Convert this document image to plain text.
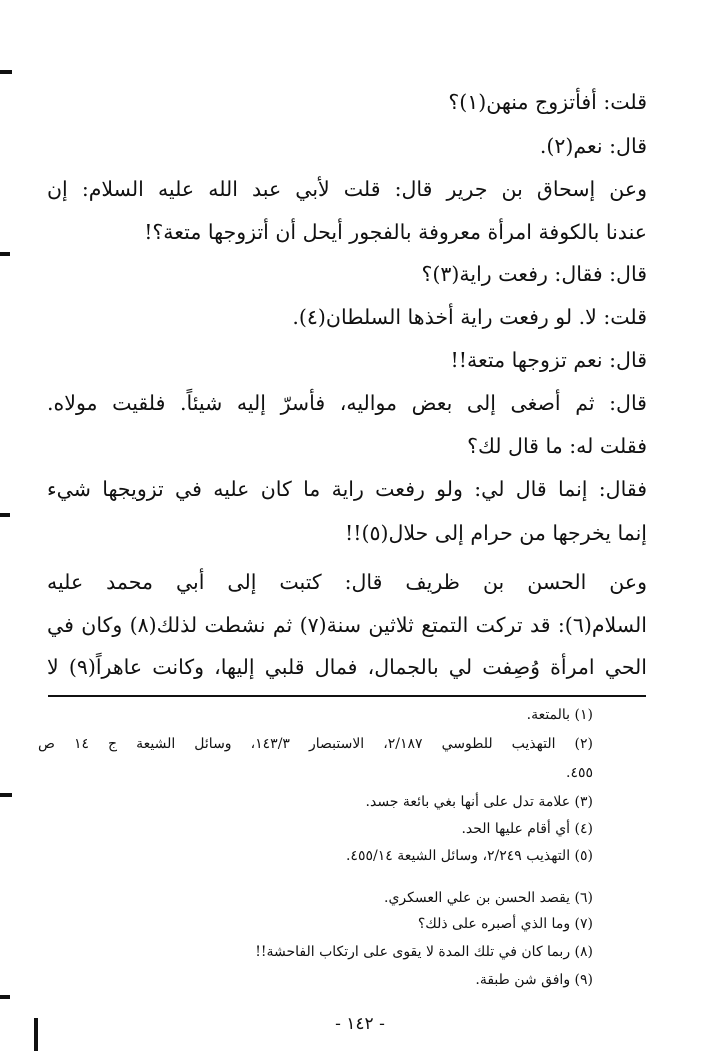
قلت: أفأتزوج منهن(١)؟
قال: نعم(٢).
وعن إسحاق بن جرير قال: قلت لأبي عبد الله عليه السلام: إن
عندنا بالكوفة امرأة معروفة بالفجور أيحل أن أتزوجها متعة؟!
قال: فقال: رفعت راية(٣)؟
قلت: لا. لو رفعت راية أخذها السلطان(٤).
قال: نعم تزوجها متعة!!
قال: ثم أصغى إلى بعض مواليه، فأسرّ إليه شيئاً. فلقيت مولاه.
فقلت له: ما قال لك؟
فقال: إنما قال لي: ولو رفعت راية ما كان عليه في تزويجها شيء
إنما يخرجها من حرام إلى حلال(٥)!!
وعن الحسن بن ظريف قال: كتبت إلى أبي محمد عليه
السلام(٦): قد تركت التمتع ثلاثين سنة(٧) ثم نشطت لذلك(٨) وكان في
الحي امرأة وُصِفت لي بالجمال، فمال قلبي إليها، وكانت عاهراً(٩) لا
(١) بالمتعة.
(٢) التهذيب للطوسي ٢/١٨٧، الاستبصار ١٤٣/٣، وسائل الشيعة ج ١٤ ص
٤٥٥.
(٣) علامة تدل على أنها بغي بائعة جسد.
(٤) أي أقام عليها الحد.
(٥) التهذيب ٢/٢٤٩، وسائل الشيعة ٤٥٥/١٤.
(٦) يقصد الحسن بن علي العسكري.
(٧) وما الذي أصبره على ذلك؟
(٨) ربما كان في تلك المدة لا يقوى على ارتكاب الفاحشة!!
(٩) وافق شن طبقة.
- ١٤٢ -
